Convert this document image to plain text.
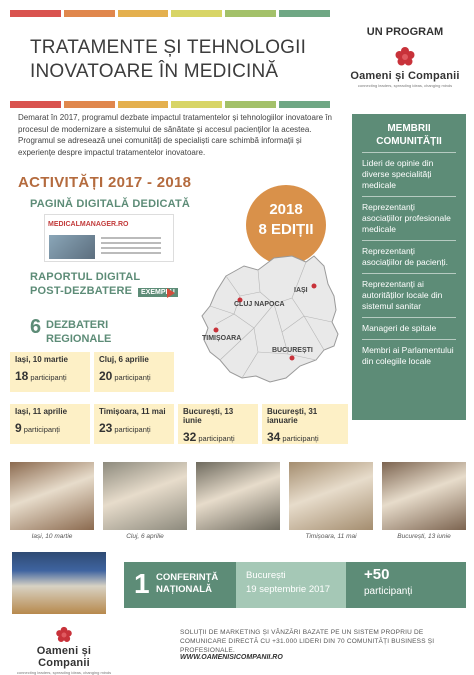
TRATAMENTE ȘI TEHNOLOGII
INOVATOARE ÎN MEDICINĂ
UN PROGRAM
Oameni și Companii
connecting leaders, spreading ideas, changing minds
Demarat în 2017, programul dezbate impactul tratamentelor și tehnologiilor inovatoare în procesul de modernizare a sistemului de sănătate și accesul pacienților la acestea. Programul se adresează unei comunități de specialiști care schimbă informații și experiențe despre impactul tratamentelor inovatoare.
MEMBRII COMUNITĂȚII
Lideri de opinie din diverse specialități medicale
Reprezentanți asociațiilor profesionale medicale
Reprezentanți asociațiilor de pacienți.
Reprezentanți ai autorităților locale din sistemul sanitar
Manageri de spitale
Membri ai Parlamentului din colegiile locale
ACTIVITĂȚI 2017 - 2018
PAGINĂ DIGITALĂ DEDICATĂ
MEDICALMANAGER.RO
RAPORTUL DIGITAL
POST-DEZBATERE	EXEMPLU
6 DEZBATERI
REGIONALE
2018
8 EDIȚII
CLUJ NAPOCA
IAȘI
TIMIȘOARA
BUCUREȘTI
Iași, 10 martie
18 participanți
Cluj, 6 aprilie
20 participanți
Iași, 11 aprilie
9 participanți
Timișoara, 11 mai
23 participanți
București, 13 iunie
32 participanți
București, 31 ianuarie
34 participanți
Iași, 10 martie	Cluj, 6 aprilie	Timișoara, 11 mai	București, 13 iunie
1 CONFERINȚĂ
NAȚIONALĂ
București
19 septembrie 2017
+50
participanți
Oameni și Companii
connecting leaders, spreading ideas, changing minds
SOLUȚII DE MARKETING ȘI VÂNZĂRI BAZATE PE UN SISTEM PROPRIU DE COMUNICARE DIRECTĂ CU +31.000 LIDERI DIN 70 COMUNITĂȚI BUSINESS ȘI PROFESIONALE.
WWW.OAMENISICOMPANII.RO
